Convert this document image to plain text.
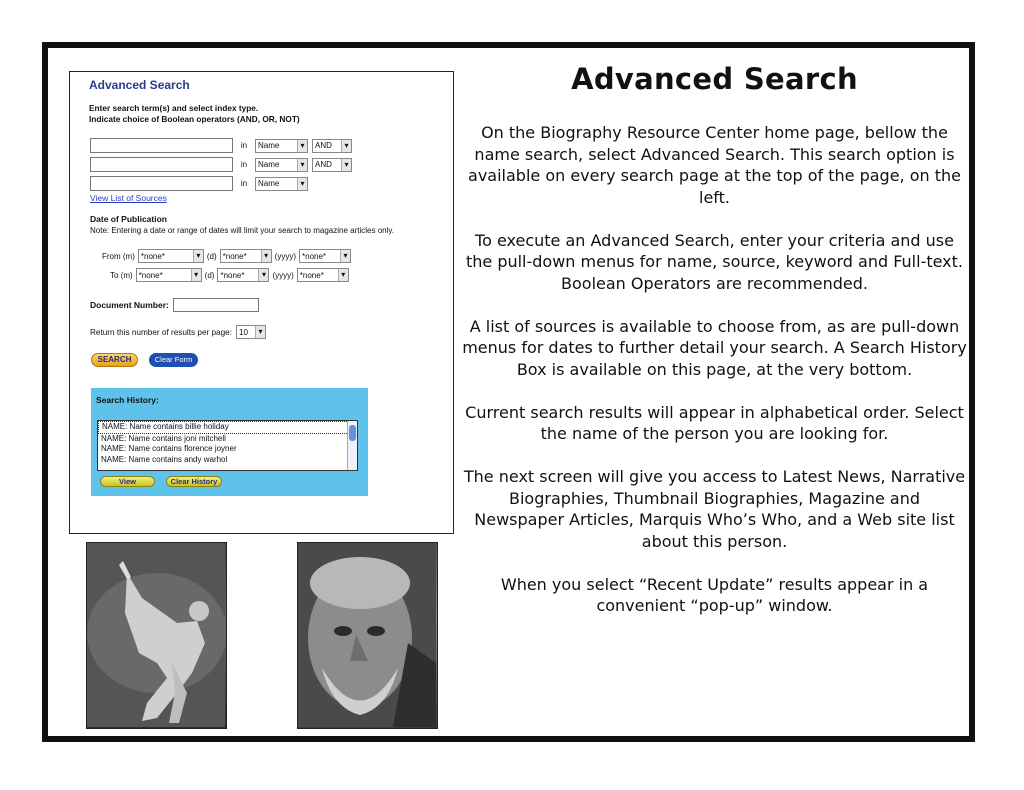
Advanced Search
Enter search term(s) and select index type.
Indicate choice of Boolean operators (AND, OR, NOT)
in	Name ▾	AND ▾
in	Name ▾	AND ▾
in	Name ▾
View List of Sources
Date of Publication
Note: Entering a date or range of dates will limit your search to magazine articles only.
From (m) *none* ▾	(d) *none* ▾	(yyyy) *none* ▾
To (m) *none* ▾	(d) *none* ▾	(yyyy) *none* ▾
Document Number:
Return this number of results per page: 10 ▾
SEARCH	Clear Form
Search History:
NAME: Name contains billie holiday
NAME: Name contains joni mitchell
NAME: Name contains florence joyner
NAME: Name contains andy warhol
View	Clear History
Advanced Search

On the Biography Resource Center home page, bellow the name search, select Advanced Search. This search option is available on every search page at the top of the page, on the left.

To execute an Advanced Search, enter your criteria and use the pull-down menus for name, source, keyword and Full-text. Boolean Operators are recommended.

A list of sources is available to choose from, as are pull-down menus for dates to further detail your search. A Search History Box is available on this page, at the very bottom.

Current search results will appear in alphabetical order. Select the name of the person you are looking for.

The next screen will give you access to Latest News, Narrative Biographies, Thumbnail Biographies, Magazine and Newspaper Articles, Marquis Who’s Who, and a Web site list about this person.

When you select “Recent Update” results appear in a convenient “pop-up” window.
